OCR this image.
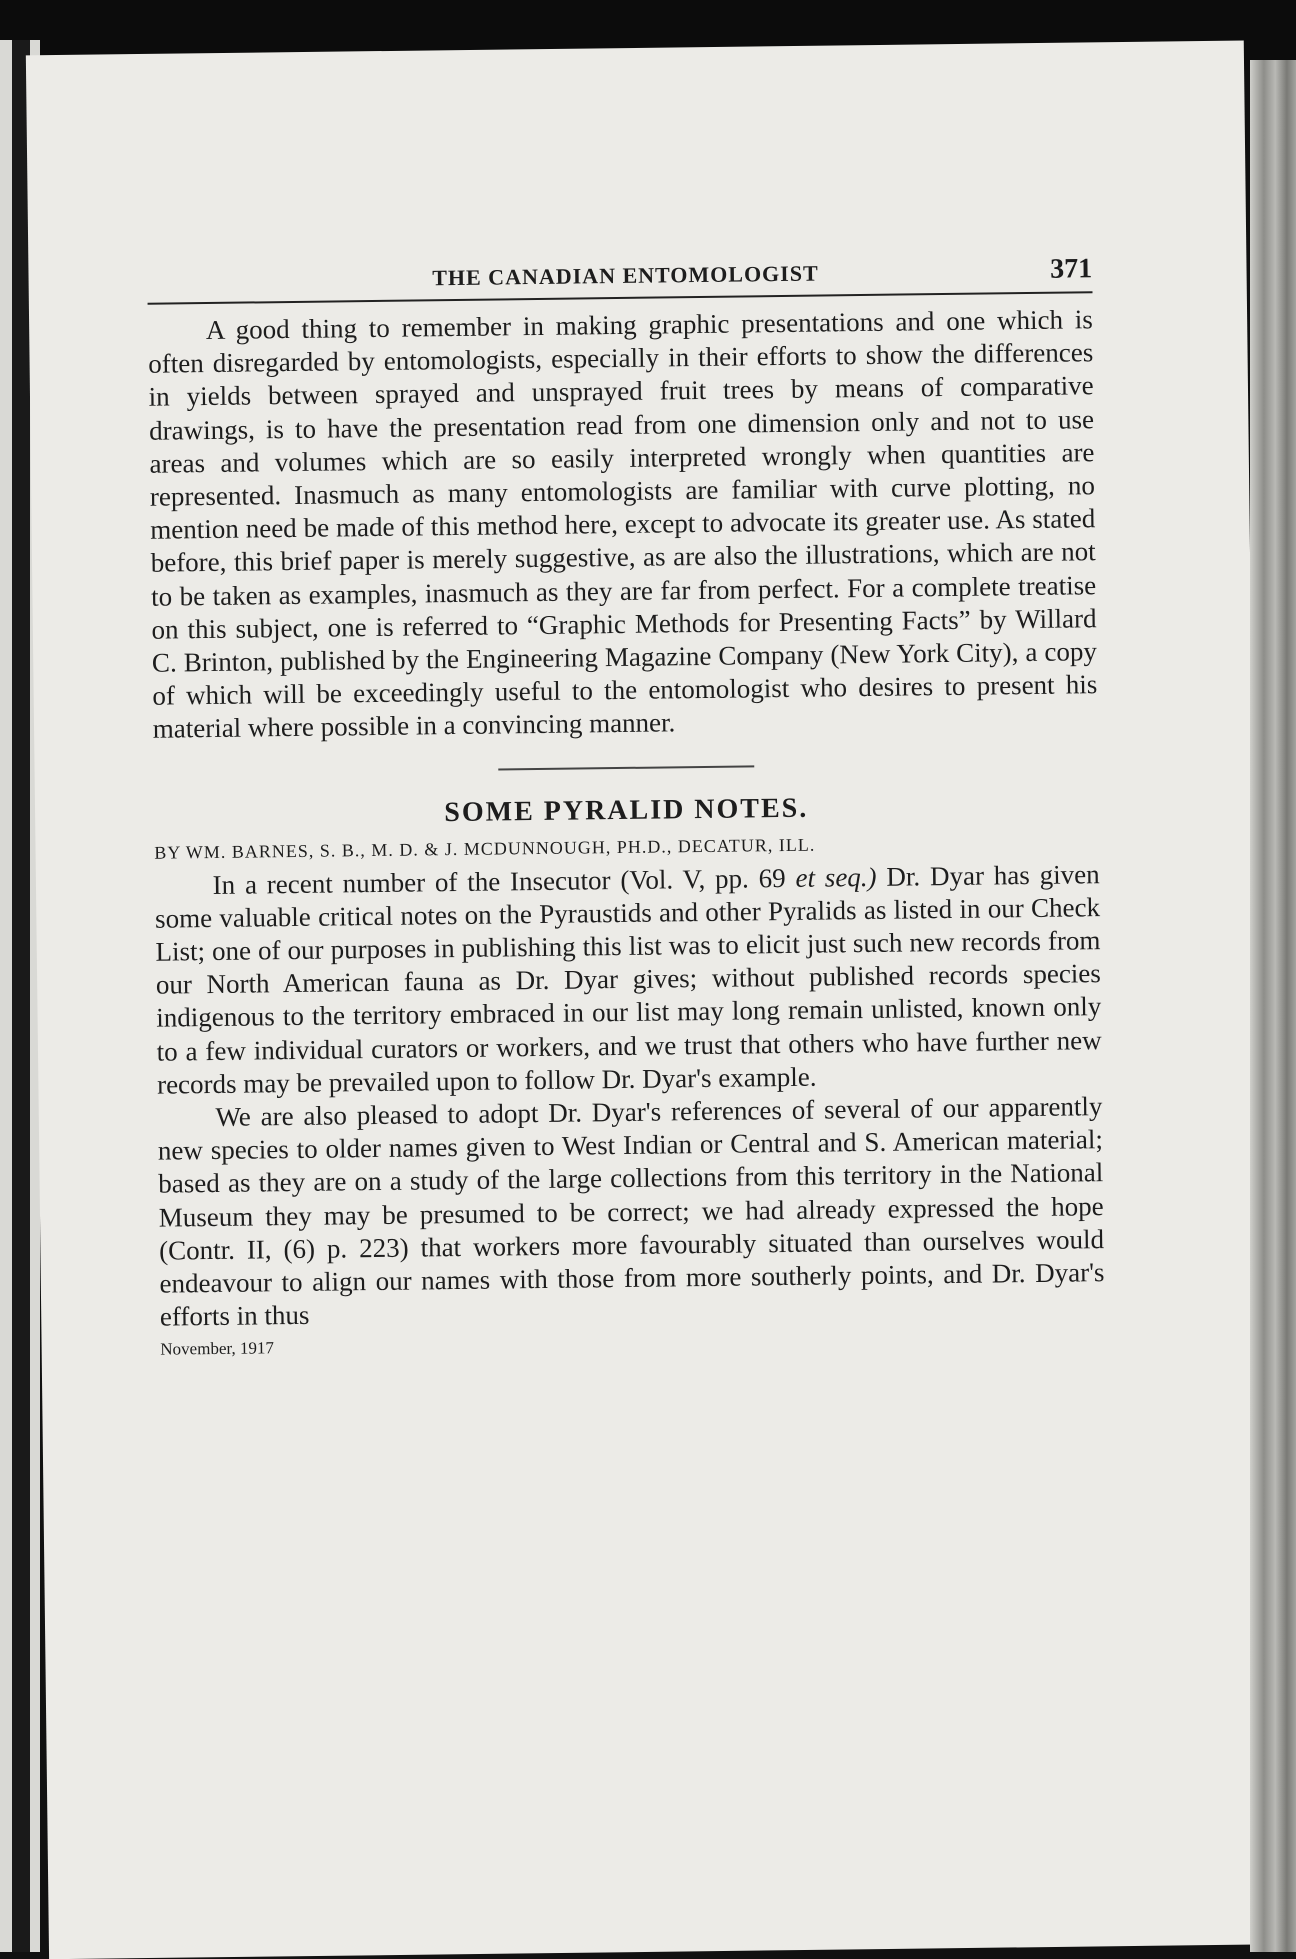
THE CANADIAN ENTOMOLOGIST	371

A good thing to remember in making graphic presentations and one which is often disregarded by entomologists, especially in their efforts to show the differences in yields between sprayed and unsprayed fruit trees by means of comparative drawings, is to have the presentation read from one dimension only and not to use areas and volumes which are so easily interpreted wrongly when quantities are represented. Inasmuch as many entomologists are familiar with curve plotting, no mention need be made of this method here, except to advocate its greater use. As stated before, this brief paper is merely suggestive, as are also the illustrations, which are not to be taken as examples, inasmuch as they are far from perfect. For a complete treatise on this subject, one is referred to “Graphic Methods for Presenting Facts” by Willard C. Brinton, published by the Engineering Magazine Company (New York City), a copy of which will be exceedingly useful to the entomologist who desires to present his material where possible in a convincing manner.

SOME PYRALID NOTES.
BY WM. BARNES, S. B., M. D. & J. MCDUNNOUGH, PH.D., DECATUR, ILL.

In a recent number of the Insecutor (Vol. V, pp. 69 et seq.) Dr. Dyar has given some valuable critical notes on the Pyraustids and other Pyralids as listed in our Check List; one of our purposes in publishing this list was to elicit just such new records from our North American fauna as Dr. Dyar gives; without published records species indigenous to the territory embraced in our list may long remain unlisted, known only to a few individual curators or workers, and we trust that others who have further new records may be prevailed upon to follow Dr. Dyar's example.

We are also pleased to adopt Dr. Dyar's references of several of our apparently new species to older names given to West Indian or Central and S. American material; based as they are on a study of the large collections from this territory in the National Museum they may be presumed to be correct; we had already expressed the hope (Contr. II, (6) p. 223) that workers more favourably situated than ourselves would endeavour to align our names with those from more southerly points, and Dr. Dyar's efforts in thus

November, 1917
